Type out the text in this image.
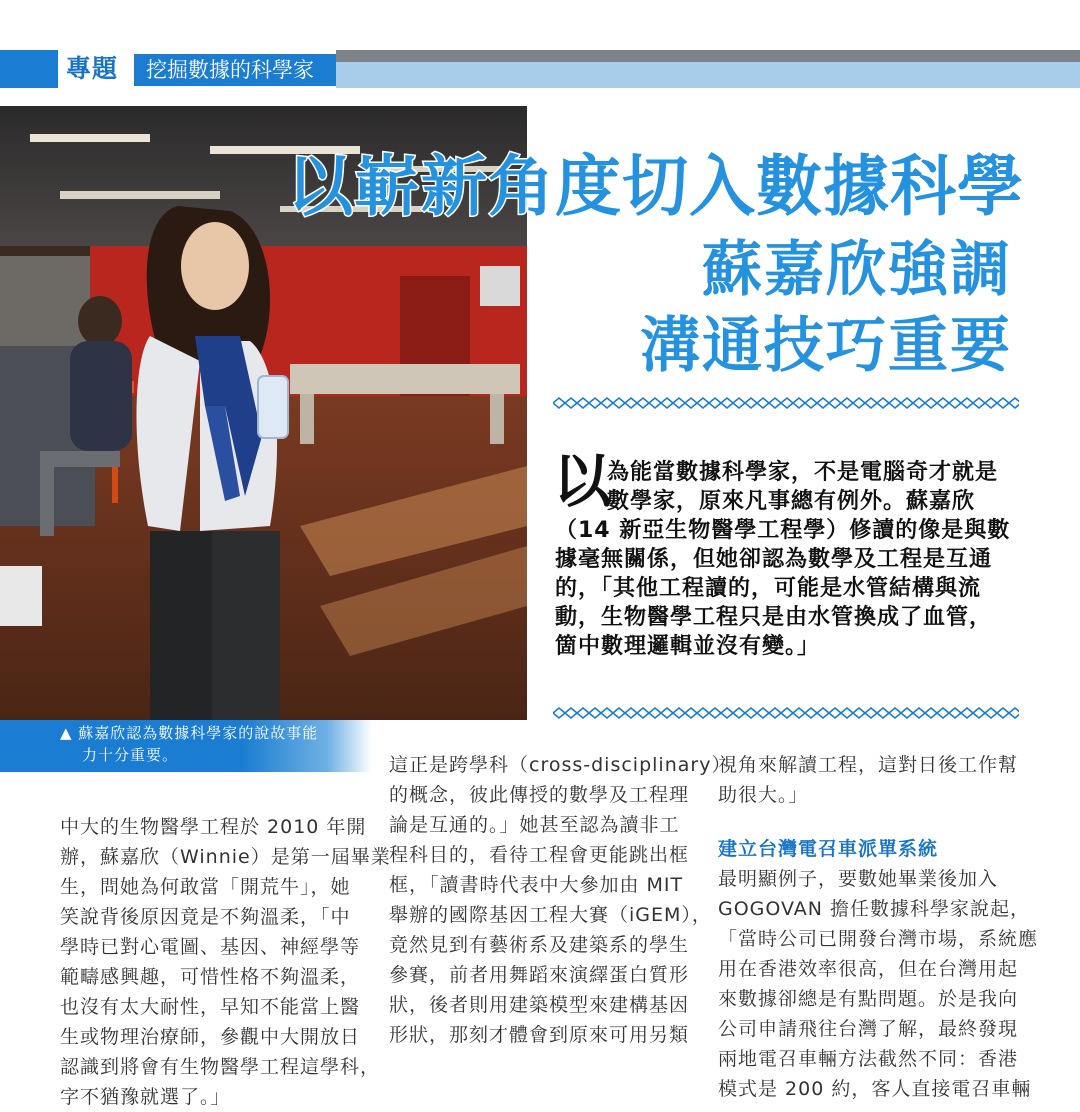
專題	挖掘數據的科學家
▲ 蘇嘉欣認為數據科學家的說故事能
力十分重要。
以嶄新角度切入數據科學
蘇嘉欣強調
溝通技巧重要
以
為能當數據科學家，不是電腦奇才就是
數學家，原來凡事總有例外。蘇嘉欣
（14 新亞生物醫學工程學）修讀的像是與數
據毫無關係，但她卻認為數學及工程是互通
的，「其他工程讀的，可能是水管結構與流
動，生物醫學工程只是由水管換成了血管，
箇中數理邏輯並沒有變。」
中大的生物醫學工程於 2010 年開
辦，蘇嘉欣（Winnie）是第一屆畢業
生，問她為何敢當「開荒牛」，她
笑說背後原因竟是不夠溫柔，「中
學時已對心電圖、基因、神經學等
範疇感興趣，可惜性格不夠溫柔，
也沒有太大耐性，早知不能當上醫
生或物理治療師，參觀中大開放日
認識到將會有生物醫學工程這學科，
字不猶豫就選了。」
這正是跨學科（cross-disciplinary）
的概念，彼此傳授的數學及工程理
論是互通的。」她甚至認為讀非工
程科目的，看待工程會更能跳出框
框，「讀書時代表中大參加由 MIT
舉辦的國際基因工程大賽（iGEM），
竟然見到有藝術系及建築系的學生
參賽，前者用舞蹈來演繹蛋白質形
狀，後者則用建築模型來建構基因
形狀，那刻才體會到原來可用另類
視角來解讀工程，這對日後工作幫
助很大。」
建立台灣電召車派單系統
最明顯例子，要數她畢業後加入
GOGOVAN 擔任數據科學家說起，
「當時公司已開發台灣市場，系統應
用在香港效率很高，但在台灣用起
來數據卻總是有點問題。於是我向
公司申請飛往台灣了解，最終發現
兩地電召車輛方法截然不同：香港
模式是 200 約，客人直接電召車輛
